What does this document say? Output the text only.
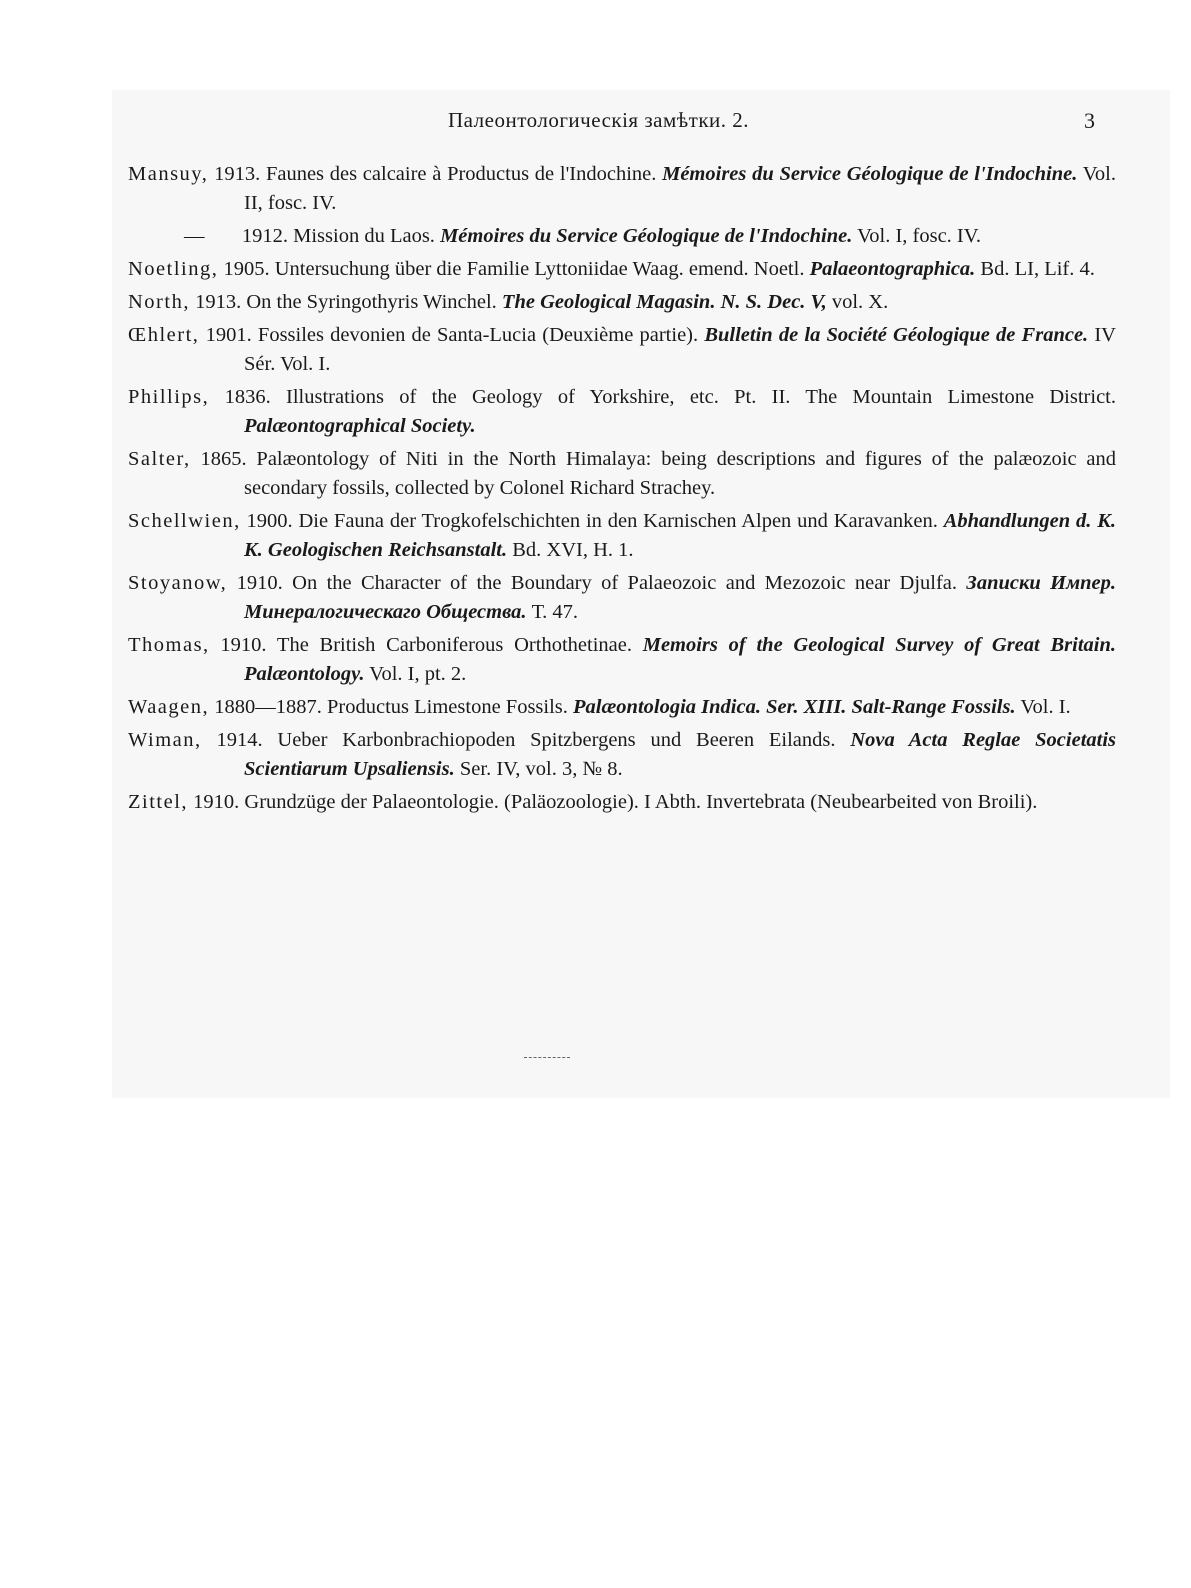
Палеонтологическiя замѣтки. 2.	3
Mansuy, 1913. Faunes des calcaire à Productus de l'Indochine. Mémoires du Service Géologique de l'Indochine. Vol. II, fosc. IV.
— 1912. Mission du Laos. Mémoires du Service Géologique de l'Indochine. Vol. I, fosc. IV.
Noetling, 1905. Untersuchung über die Familie Lyttoniidae Waag. emend. Noetl. Palaeontographica. Bd. LI, Lif. 4.
North, 1913. On the Syringothyris Winchel. The Geological Magasin. N. S. Dec. V, vol. X.
Œhlert, 1901. Fossiles devonien de Santa-Lucia (Deuxième partie). Bulletin de la Société Géologique de France. IV Sér. Vol. I.
Phillips, 1836. Illustrations of the Geology of Yorkshire, etc. Pt. II. The Mountain Limestone District. Palæontographical Society.
Salter, 1865. Palæontology of Niti in the North Himalaya: being descriptions and figures of the palæozoic and secondary fossils, collected by Colonel Richard Strachey.
Schellwien, 1900. Die Fauna der Trogkofelschichten in den Karnischen Alpen und Karavanken. Abhandlungen d. K. K. Geologischen Reichsanstalt. Bd. XVI, H. 1.
Stoyanow, 1910. On the Character of the Boundary of Palaeozoic and Mezozoic near Djulfa. Записки Импер. Минералогическаго Общества. Т. 47.
Thomas, 1910. The British Carboniferous Orthothetinae. Memoirs of the Geological Survey of Great Britain. Palæontology. Vol. I, pt. 2.
Waagen, 1880—1887. Productus Limestone Fossils. Palæontologia Indica. Ser. XIII. Salt-Range Fossils. Vol. I.
Wiman, 1914. Ueber Karbonbrachiopoden Spitzbergens und Beeren Eilands. Nova Acta Reglae Societatis Scientiarum Upsaliensis. Ser. IV, vol. 3, № 8.
Zittel, 1910. Grundzüge der Palaeontologie. (Paläozoologie). I Abth. Invertebrata (Neubearbeited von Broili).
